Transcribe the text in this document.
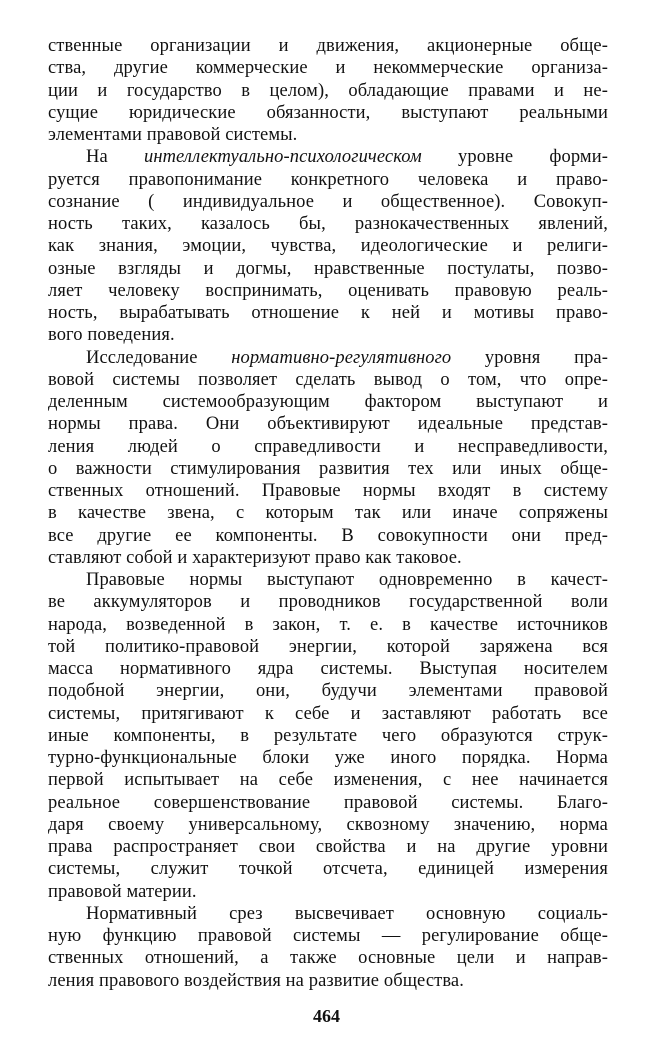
ственные организации и движения, акционерные обще-
ства, другие коммерческие и некоммерческие организа-
ции и государство в целом), обладающие правами и не-
сущие юридические обязанности, выступают реальными
элементами правовой системы.
На интеллектуально-психологическом уровне форми-
руется правопонимание конкретного человека и право-
сознание ( индивидуальное и общественное). Совокуп-
ность таких, казалось бы, разнокачественных явлений,
как знания, эмоции, чувства, идеологические и религи-
озные взгляды и догмы, нравственные постулаты, позво-
ляет человеку воспринимать, оценивать правовую реаль-
ность, вырабатывать отношение к ней и мотивы право-
вого поведения.
Исследование нормативно-регулятивного уровня пра-
вовой системы позволяет сделать вывод о том, что опре-
деленным системообразующим фактором выступают и
нормы права. Они объективируют идеальные представ-
ления людей о справедливости и несправедливости,
о важности стимулирования развития тех или иных обще-
ственных отношений. Правовые нормы входят в систему
в качестве звена, с которым так или иначе сопряжены
все другие ее компоненты. В совокупности они пред-
ставляют собой и характеризуют право как таковое.
Правовые нормы выступают одновременно в качест-
ве аккумуляторов и проводников государственной воли
народа, возведенной в закон, т. е. в качестве источников
той политико-правовой энергии, которой заряжена вся
масса нормативного ядра системы. Выступая носителем
подобной энергии, они, будучи элементами правовой
системы, притягивают к себе и заставляют работать все
иные компоненты, в результате чего образуются струк-
турно-функциональные блоки уже иного порядка. Норма
первой испытывает на себе изменения, с нее начинается
реальное совершенствование правовой системы. Благо-
даря своему универсальному, сквозному значению, норма
права распространяет свои свойства и на другие уровни
системы, служит точкой отсчета, единицей измерения
правовой материи.
Нормативный срез высвечивает основную социаль-
ную функцию правовой системы — регулирование обще-
ственных отношений, а также основные цели и направ-
ления правового воздействия на развитие общества.
464
